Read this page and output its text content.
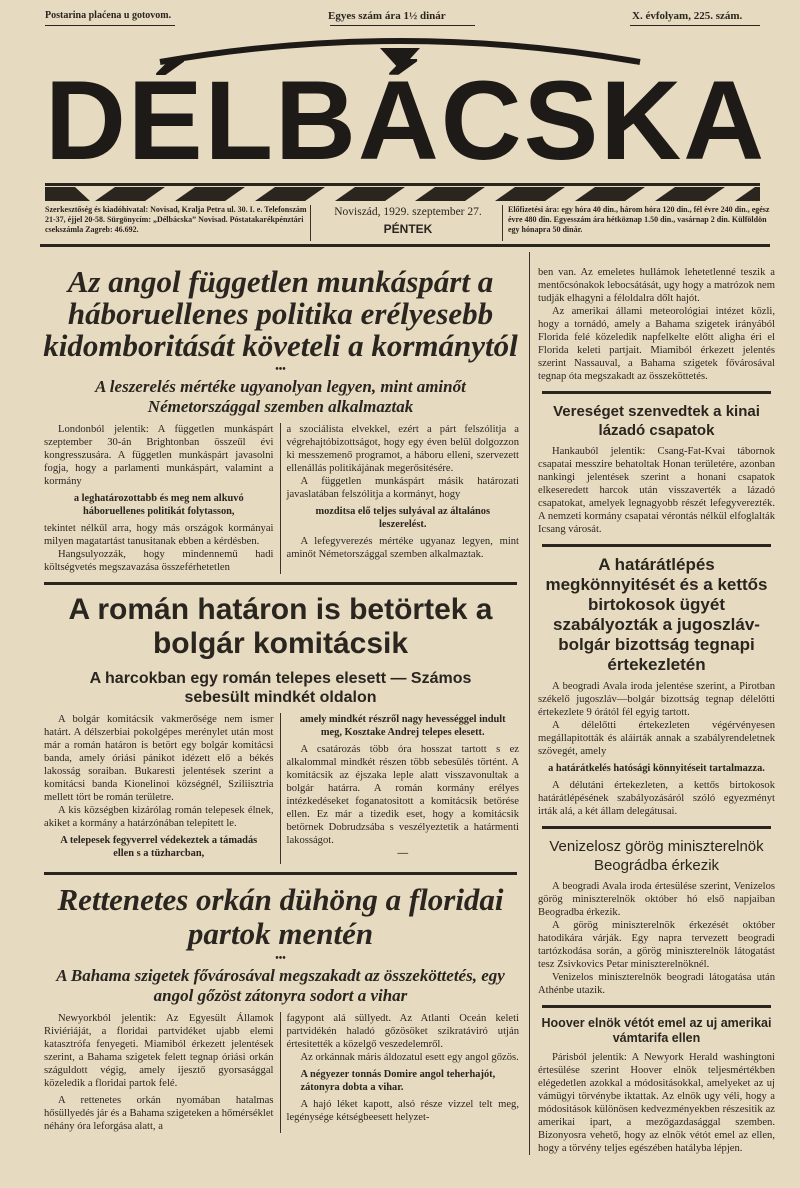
Postarina plaćena u gotovom.	Egyes szám ára 1½ dinár	X. évfolyam, 225. szám.
DÉLBÁCSKA
Szerkesztőség és kiadóhivatal: Novisad, Kralja Petra ul. 30. I. e. Telefonszám 21-37, éjjel 20-58. Sürgönycím: „Délbácska” Novisad. Póstatakarékpénztári csekszámla Zagreb: 46.692.
Noviszád, 1929. szeptember 27.
PÉNTEK
Előfizetési ára: egy hóra 40 din., három hóra 120 din., fél évre 240 din., egész évre 480 din. Egyesszám ára hétköznap 1.50 din., vasárnap 2 din. Külföldön egy hónapra 50 dinár.
Az angol független munkáspárt a háboruellenes politika erélyesebb kidomboritását követeli a kormánytól
•••
A leszerelés mértéke ugyanolyan legyen, mint aminőt Németországgal szemben alkalmaztak

Londonból jelentik: A független munkáspárt szeptember 30-án Brightonban összeűl évi kongresszusára. A független munkáspárt javasolni fogja, hogy a parlamenti munkáspárt, valamint a kormány

a leghatározottabb és meg nem alkuvó háboruellenes politikát folytasson,

tekintet nélkűl arra, hogy más országok kormányai milyen magatartást tanusitanak ebben a kérdésben.

Hangsulyozzák, hogy mindennemű hadi költségvetés megszavazása összeférhetetlen

a szociálista elvekkel, ezért a párt felszólitja a végrehajtóbizottságot, hogy egy éven belül dolgozzon ki messzemenő programot, a háboru elleni, szervezett ellenállás politikájának megerősitésére.

A független munkáspárt másik határozati javaslatában felszólitja a kormányt, hogy

mozditsa elő teljes sulyával az általános leszerelést.

A lefegyverezés mértéke ugyanaz legyen, mint aminőt Németországgal szemben alkalmaztak.

A román határon is betörtek a bolgár komitácsik
A harcokban egy román telepes elesett — Számos sebesült mindkét oldalon

A bolgár komitácsik vakmerősége nem ismer határt. A délszerbiai pokolgépes merénylet után most már a román határon is betört egy bolgár komitácsi banda, amely óriási pánikot idézett elő a békés lakosság soraiban. Bukaresti jelentések szerint a komitácsi banda Kionelinoi községnél, Sziliisztria mellett tört be román területre.

A kis községben kizárólag román telepesek élnek, akiket a kormány a határzónában telepitett le.

A telepesek fegyverrel védekeztek a támadás ellen s a tüzharcban,

amely mindkét részről nagy hevességgel indult meg, Kosztake Andrej telepes elesett.

A csatározás több óra hosszat tartott s ez alkalommal mindkét részen több sebesülés történt. A komitácsik az éjszaka leple alatt visszavonultak a bolgár határra. A román kormány erélyes intézkedéseket foganatositott a komitácsik betörése ellen. Ez már a tizedik eset, hogy a komitácsik betörnek Dobrudzsába s veszélyeztetik a határmenti lakosságot.

—

Rettenetes orkán dühöng a floridai partok mentén
•••
A Bahama szigetek fővárosával megszakadt az összeköttetés, egy angol gőzöst zátonyra sodort a vihar

Newyorkból jelentik: Az Egyesült Államok Riviériáját, a floridai partvidéket ujabb elemi katasztrófa fenyegeti. Miamiból érkezett jelentések szerint, a Bahama szigetek felett tegnap óriási orkán száguldott végig, amely ijesztő gyorsasággal közeledik a floridai partok felé.

A rettenetes orkán nyomában hatalmas hősüllyedés jár és a Bahama szigeteken a hőmérséklet néhány óra leforgása alatt, a

fagypont alá süllyedt. Az Atlanti Oceán keleti partvidékén haladó gőzösöket szikratáviró utján értesitették a közelgő veszedelemről.

Az orkánnak máris áldozatul esett egy angol gőzös.

A négyezer tonnás Domire angol teherhajót, zátonyra dobta a vihar.

A hajó léket kapott, alsó része vizzel telt meg, legénysége kétségbeesett helyzet-

ben van. Az emeletes hullámok lehetetlenné teszik a mentőcsónakok lebocsátását, ugy hogy a matrózok nem tudják elhagyni a féloldalra dőlt hajót.

Az amerikai állami meteorológiai intézet közli, hogy a tornádó, amely a Bahama szigetek irányából Florida felé közeledik napfelkelte előtt aligha éri el Florida keleti partjait. Miamiból érkezett jelentés szerint Nassauval, a Bahama szigetek fővárosával tegnap óta megszakadt az összeköttetés.

Vereséget szenvedtek a kinai lázadó csapatok

Hankauból jelentik: Csang-Fat-Kvai tábornok csapatai messzire behatoltak Honan területére, azonban nankingi jelentések szerint a honani csapatok elkeseredett harcok után visszaverték a lázadó csapatokat, amelyek legnagyobb részét lefegyverezték. A nemzeti kormány csapatai vérontás nélkül elfoglalták Icsang városát.

A határátlépés megkönnyitését és a kettős birtokosok ügyét szabályozták a jugoszláv-bolgár bizottság tegnapi értekezletén

A beogradi Avala iroda jelentése szerint, a Pirotban székelő jugoszláv—bolgár bizottság tegnap délelőtti értekezlete 9 órától fél egyig tartott.

A délelőtti értekezleten végérvényesen megállapitották és aláirták annak a szabályrendeletnek szövegét, amely

a határátkelés hatósági könnyitéseit tartalmazza.

A délutáni értekezleten, a kettős birtokosok határátlépésének szabályozásáról szóló egyezményt irták alá, a két állam delegátusai.

Venizelosz görög miniszterelnök Beográdba érkezik

A beogradi Avala iroda értesülése szerint, Venizelos görög miniszterelnök október hó első napjaiban Beogradba érkezik.

A görög miniszterelnök érkezését október hatodikára várják. Egy napra tervezett beogradi tartózkodása során, a görög miniszterelnök látogatást tesz Zsivkovics Petar miniszterelnöknél.

Venizelos miniszterelnök beogradi látogatása után Athénbe utazik.

Hoover elnök vétót emel az uj amerikai vámtarifa ellen

Párisból jelentik: A Newyork Herald washingtoni értesülése szerint Hoover elnök teljesmértékben elégedetlen azokkal a módositásokkal, amelyeket az uj vámügyi törvénybe iktattak. Az elnök ugy véli, hogy a módositások különösen kedvezményekben részesitik az amerikai ipart, a mezőgazdasággal szemben. Bizonyosra vehető, hogy az elnök vétót emel az ellen, hogy a törvény teljes egészében hatályba lépjen.
